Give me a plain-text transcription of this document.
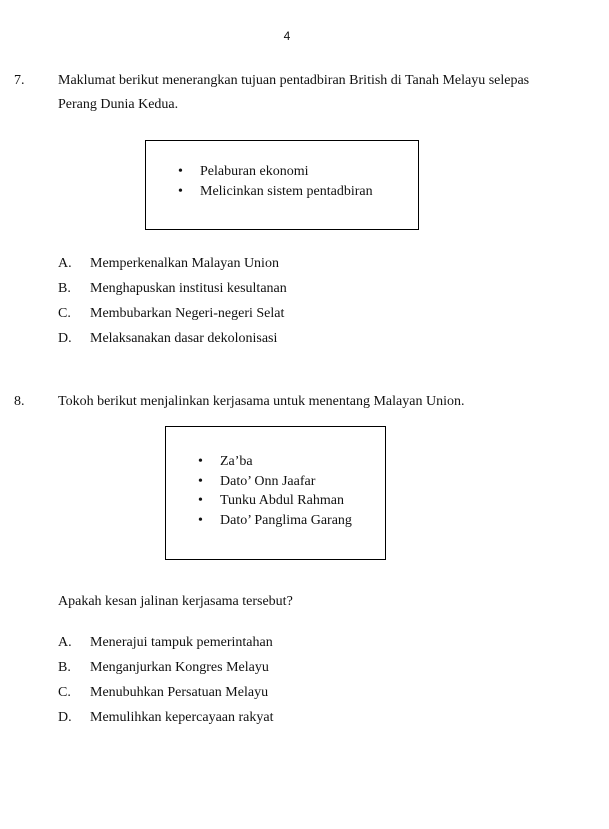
4
7. Maklumat berikut menerangkan tujuan pentadbiran British di Tanah Melayu selepas
Perang Dunia Kedua.
• Pelaburan ekonomi
• Melicinkan sistem pentadbiran
A. Memperkenalkan Malayan Union
B. Menghapuskan institusi kesultanan
C. Membubarkan Negeri-negeri Selat
D. Melaksanakan dasar dekolonisasi
8. Tokoh berikut menjalinkan kerjasama untuk menentang Malayan Union.
• Za’ba
• Dato’ Onn Jaafar
• Tunku Abdul Rahman
• Dato’ Panglima Garang
Apakah kesan jalinan kerjasama tersebut?
A. Menerajui tampuk pemerintahan
B. Menganjurkan Kongres Melayu
C. Menubuhkan Persatuan Melayu
D. Memulihkan kepercayaan rakyat
